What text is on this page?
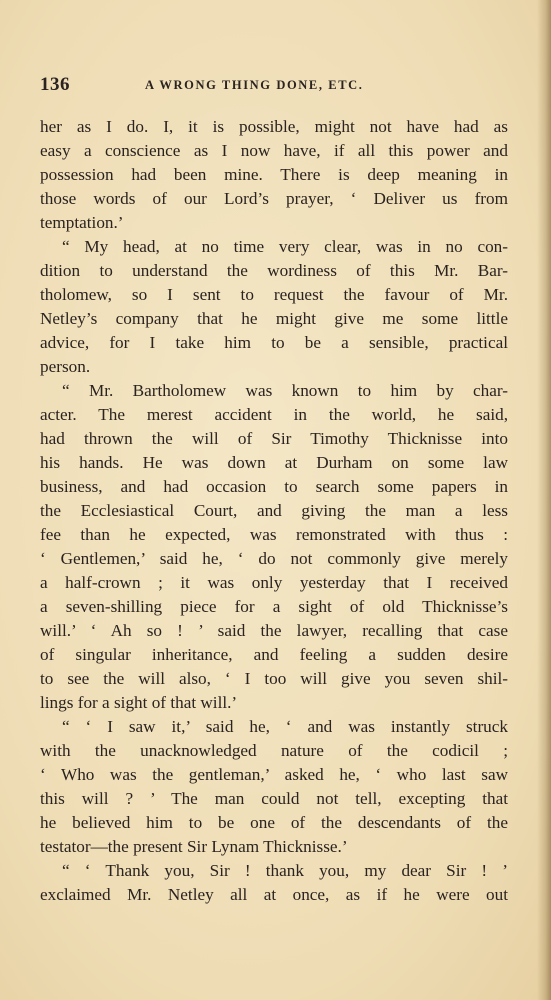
136	A WRONG THING DONE, ETC.
her as I do. I, it is possible, might not have had as
easy a conscience as I now have, if all this power and
possession had been mine. There is deep meaning in
those words of our Lord’s prayer, ‘ Deliver us from
temptation.’
“ My head, at no time very clear, was in no con-
dition to understand the wordiness of this Mr. Bar-
tholomew, so I sent to request the favour of Mr.
Netley’s company that he might give me some little
advice, for I take him to be a sensible, practical
person.
“ Mr. Bartholomew was known to him by char-
acter. The merest accident in the world, he said,
had thrown the will of Sir Timothy Thicknisse into
his hands. He was down at Durham on some law
business, and had occasion to search some papers in
the Ecclesiastical Court, and giving the man a less
fee than he expected, was remonstrated with thus :
‘ Gentlemen,’ said he, ‘ do not commonly give merely
a half-crown ; it was only yesterday that I received
a seven-shilling piece for a sight of old Thicknisse’s
will.’ ‘ Ah so ! ’ said the lawyer, recalling that case
of singular inheritance, and feeling a sudden desire
to see the will also, ‘ I too will give you seven shil-
lings for a sight of that will.’
“ ‘ I saw it,’ said he, ‘ and was instantly struck
with the unacknowledged nature of the codicil ;
‘ Who was the gentleman,’ asked he, ‘ who last saw
this will ? ’ The man could not tell, excepting that
he believed him to be one of the descendants of the
testator—the present Sir Lynam Thicknisse.’
“ ‘ Thank you, Sir ! thank you, my dear Sir ! ’
exclaimed Mr. Netley all at once, as if he were out
